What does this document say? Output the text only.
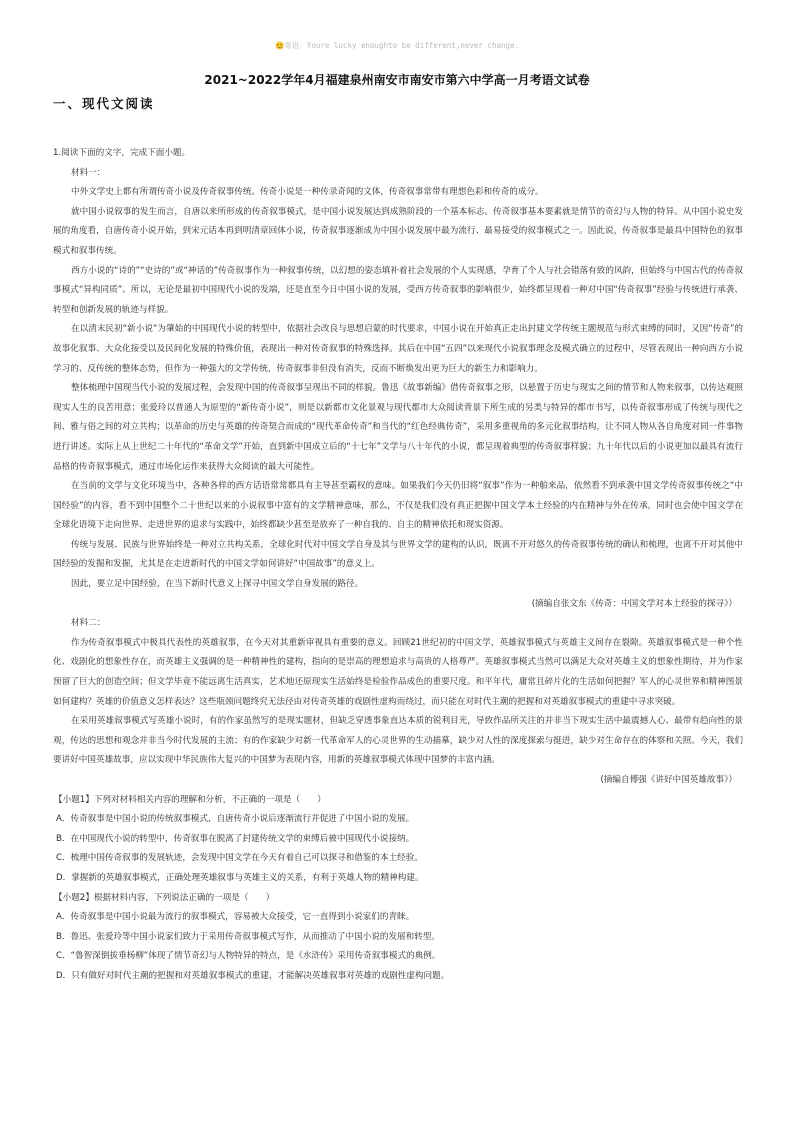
😊寄语：Youre lucky enoughto be different,never change.
2021~2022学年4月福建泉州南安市南安市第六中学高一月考语文试卷
一、现代文阅读

1.阅读下面的文字，完成下面小题。

材料一：

中外文学史上都有所谓传奇小说及传奇叙事传统。传奇小说是一种传录奇闻的文体，传奇叙事常带有理想色彩和传奇的成分。

就中国小说叙事的发生而言，自唐以来所形成的传奇叙事模式，是中国小说发展达到成熟阶段的一个基本标志。传奇叙事基本要素就是情节的奇幻与人物的特异。从中国小说史发展的角度看，自唐传奇小说开始，到宋元话本再到明清章回体小说，传奇叙事逐渐成为中国小说发展中最为流行、最易接受的叙事模式之一。因此说，传奇叙事是最具中国特色的叙事模式和叙事传统。

西方小说的“诗的”“史诗的”或“神话的”传奇叙事作为一种叙事传统，以幻想的姿态填补着社会发展的个人实现感，孕育了个人与社会错落有致的风韵，但始终与中国古代的传奇叙事模式“异构同质”。所以，无论是最初中国现代小说的发端，还是直至今日中国小说的发展，受西方传奇叙事的影响很少，始终都呈现着一种对中国“传奇叙事”经验与传统进行承袭、转型和创新发展的轨迹与样貌。

在以清末民初“新小说”为肇始的中国现代小说的转型中，依据社会改良与思想启蒙的时代要求，中国小说在开始真正走出封建文学传统主题规范与形式束缚的同时，又因“传奇”的故事化叙事、大众化接受以及民间化发展的特殊价值，表现出一种对传奇叙事的特殊选择。其后在中国“五四”以来现代小说叙事理念及模式确立的过程中，尽管表现出一种向西方小说学习的、反传统的整体态势，但作为一种强大的文学传统，传奇叙事非但没有消失，反而不断焕发出更为巨大的新生力和影响力。

整体梳理中国现当代小说的发展过程，会发现中国的传奇叙事呈现出不同的样貌。鲁迅《故事新编》借传奇叙事之形，以悬置于历史与现实之间的情节和人物来叙事，以传达观照现实人生的良苦用意；张爱玲以普通人为原型的“新传奇小说”，则是以新都市文化景观与现代都市大众阅读背景下所生成的另类与特异的都市书写，以传奇叙事形成了传统与现代之间、雅与俗之间的对立共构；以革命的历史与英雄的传奇契合而成的“现代革命传奇”和当代的“红色经典传奇”，采用多重视角的多元化叙事结构，让不同人物从各自角度对同一件事物进行讲述。实际上从上世纪二十年代的“革命文学”开始，直到新中国成立后的“十七年”文学与八十年代的小说，都呈现着典型的传奇叙事样貌；九十年代以后的小说更加以最具有流行品格的传奇叙事模式，通过市场化运作来获得大众阅读的最大可能性。

在当前的文学与文化环境当中，各种各样的西方话语常常都具有主导甚至霸权的意味。如果我们今天仍旧将“叙事”作为一种舶来品，依然看不到承袭中国文学传奇叙事传统之“中国经验”的内容，看不到中国整个二十世纪以来的小说叙事中富有的文学精神意味，那么，不仅是我们没有真正把握中国文学本土经验的内在精神与外在传承，同时也会使中国文学在全球化语境下走向世界、走进世界的追求与实践中，始终都缺少甚至是放弃了一种自我的、自主的精神依托和现实资源。

传统与发展、民族与世界始终是一种对立共构关系，全球化时代对中国文学自身及其与世界文学的建构的认识，既离不开对悠久的传奇叙事传统的确认和梳理，也离不开对其他中国经验的发掘和发掘，尤其是在走进新时代的中国文学如何讲好“中国故事”的意义上。

因此，要立足中国经验，在当下新时代意义上探寻中国文学自身发展的路径。

(摘编自张文东《传奇：中国文学对本土经验的探寻》）

材料二：

作为传奇叙事模式中极具代表性的英雄叙事，在今天对其重新审视具有重要的意义。回顾21世纪初的中国文学，英雄叙事模式与英雄主义间存在裂隙。英雄叙事模式是一种个性化、戏剧化的想象性存在，而英雄主义强调的是一种精神性的建构，指向的是崇高的理想追求与高贵的人格尊严。英雄叙事模式当然可以满足大众对英雄主义的想象性期待，并为作家预留了巨大的创造空间；但文学毕竟不能远离生活真实，艺术地还原现实生活始终是检验作品成色的重要尺度。和平年代，庸常且碎片化的生活如何把握？军人的心灵世界和精神图景如何建构？英雄的价值意义怎样表达？这些瓶颈问题终究无法径由对传奇英雄的戏剧性虚构而绕过，而只能在对时代主潮的把握和对英雄叙事模式的重建中寻求突破。

在采用英雄叙事模式写英雄小说时，有的作家虽然写的是现实题材，但缺乏穿透事象直达本质的锐利目光，导致作品所关注的并非当下现实生活中最震撼人心、最带有趋向性的景观，传达的思想和观念并非当今时代发展的主流；有的作家缺少对新一代革命军人的心灵世界的生动描摹，缺少对人性的深度探索与挺进，缺少对生命存在的体察和关照。今天，我们要讲好中国英雄故事，应以实现中华民族伟大复兴的中国梦为表现内容，用新的英雄叙事模式体现中国梦的丰富内涵。

(摘编自傅强《讲好中国英雄故事》）

【小题1】下列对材料相关内容的理解和分析，不正确的一项是（　　）

A．传奇叙事是中国小说的传统叙事模式，自唐传奇小说后逐渐流行并促进了中国小说的发展。

B．在中国现代小说的转型中，传奇叙事在脱离了封建传统文学的束缚后被中国现代小说接纳。

C．梳理中国传奇叙事的发展轨迹，会发现中国文学在今天有着自己可以探寻和借鉴的本土经验。

D．掌握新的英雄叙事模式，正确处理英雄叙事与英雄主义的关系，有利于英雄人物的精神构建。

【小题2】根据材料内容，下列说法正确的一项是（　　）

A．传奇叙事是中国小说最为流行的叙事模式，容易被大众接受，它一直得到小说家们的青睐。

B．鲁迅、张爱玲等中国小说家们致力于采用传奇叙事模式写作，从而推动了中国小说的发展和转型。

C．“鲁智深倒拔垂杨柳”体现了情节奇幻与人物特异的特点，是《水浒传》采用传奇叙事模式的典例。

D．只有做好对时代主潮的把握和对英雄叙事模式的重建，才能解决英雄叙事对英雄的戏剧性虚构问题。
